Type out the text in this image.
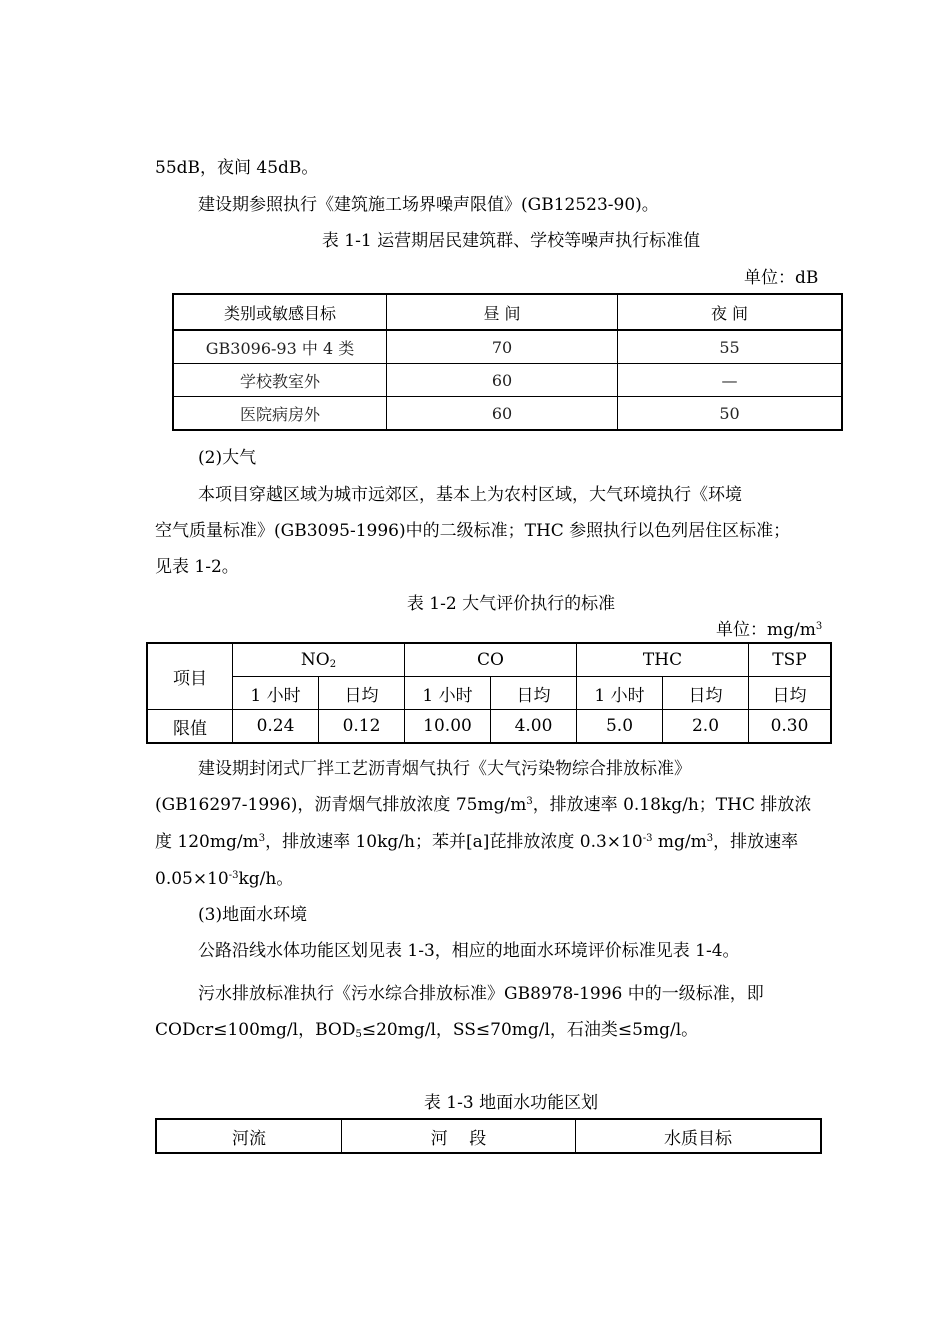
55dB，夜间 45dB。
建设期参照执行《建筑施工场界噪声限值》(GB12523-90)。
表 1-1 运营期居民建筑群、学校等噪声执行标准值
单位：dB
类别或敏感目标	昼 间	夜 间
GB3096-93 中 4 类	70	55
学校教室外	60	—
医院病房外	60	50
(2)大气
本项目穿越区域为城市远郊区，基本上为农村区域，大气环境执行《环境
空气质量标准》(GB3095-1996)中的二级标准；THC 参照执行以色列居住区标准；
见表 1-2。
表 1-2 大气评价执行的标准
单位：$mg/m^3$
项目	$NO_2$		CO		THC		TSP
	1 小时	日均	1 小时	日均	1 小时	日均	日均
限值	0.24	0.12	10.00	4.00	5.0	2.0	0.30
建设期封闭式厂拌工艺沥青烟气执行《大气污染物综合排放标准》
(GB16297-1996)，沥青烟气排放浓度 $75mg/m^3$，排放速率 0.18kg/h；THC 排放浓
度 $120mg/m^3$，排放速率 10kg/h；苯并[a]芘排放浓度 $0.3\times 10^{-3}$ $mg/m^3$，排放速率
$0.05\times 10^{-3}kg/h$。
(3)地面水环境
公路沿线水体功能区划见表 1-3，相应的地面水环境评价标准见表 1-4。
污水排放标准执行《污水综合排放标准》GB8978-1996 中的一级标准，即
CODcr≤100mg/l，$BOD_5\le 20mg/l$，SS≤70mg/l，石油类≤5mg/l。
表 1-3 地面水功能区划
河流	河    段	水质目标
